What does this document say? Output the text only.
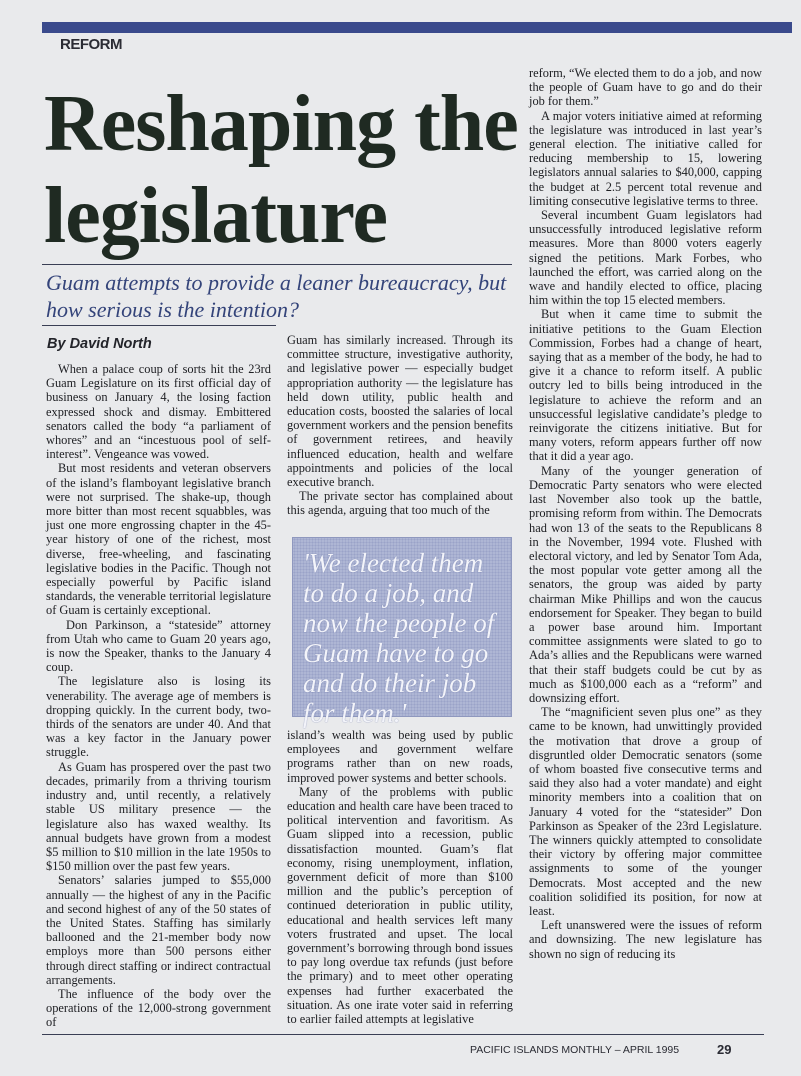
REFORM
Reshaping the legislature
Guam attempts to provide a leaner bureaucracy, but how serious is the intention?
By David North

When a palace coup of sorts hit the 23rd Guam Legislature on its first official day of business on January 4, the losing faction expressed shock and dismay. Embittered senators called the body “a parliament of whores” and an “incestuous pool of self-interest”. Vengeance was vowed.

But most residents and veteran observers of the island’s flamboyant legislative branch were not surprised. The shake-up, though more bitter than most recent squabbles, was just one more engrossing chapter in the 45-year history of one of the richest, most diverse, free-wheeling, and fascinating legislative bodies in the Pacific. Though not especially powerful by Pacific island standards, the venerable territorial legislature of Guam is certainly exceptional.

Don Parkinson, a “stateside” attorney from Utah who came to Guam 20 years ago, is now the Speaker, thanks to the January 4 coup.

The legislature also is losing its venerability. The average age of members is dropping quickly. In the current body, two-thirds of the senators are under 40. And that was a key factor in the January power struggle.

As Guam has prospered over the past two decades, primarily from a thriving tourism industry and, until recently, a relatively stable US military presence — the legislature also has waxed wealthy. Its annual budgets have grown from a modest $5 million to $10 million in the late 1950s to $150 million over the past few years.

Senators’ salaries jumped to $55,000 annually — the highest of any in the Pacific and second highest of any of the 50 states of the United States. Staffing has similarly ballooned and the 21-member body now employs more than 500 persons either through direct staffing or indirect contractual arrangements.

The influence of the body over the operations of the 12,000-strong government of

Guam has similarly increased. Through its committee structure, investigative authority, and legislative power — especially budget appropriation authority — the legislature has held down utility, public health and education costs, boosted the salaries of local government workers and the pension benefits of government retirees, and heavily influenced education, health and welfare appointments and policies of the local executive branch.

The private sector has complained about this agenda, arguing that too much of the

'We elected them to do a job, and now the people of Guam have to go and do their job for them.'

island’s wealth was being used by public employees and government welfare programs rather than on new roads, improved power systems and better schools.

Many of the problems with public education and health care have been traced to political intervention and favoritism. As Guam slipped into a recession, public dissatisfaction mounted. Guam’s flat economy, rising unemployment, inflation, government deficit of more than $100 million and the public’s perception of continued deterioration in public utility, educational and health services left many voters frustrated and upset. The local government’s borrowing through bond issues to pay long overdue tax refunds (just before the primary) and to meet other operating expenses had further exacerbated the situation. As one irate voter said in referring to earlier failed attempts at legislative

reform, “We elected them to do a job, and now the people of Guam have to go and do their job for them.”

A major voters initiative aimed at reforming the legislature was introduced in last year’s general election. The initiative called for reducing membership to 15, lowering legislators annual salaries to $40,000, capping the budget at 2.5 percent total revenue and limiting consecutive legislative terms to three.

Several incumbent Guam legislators had unsuccessfully introduced legislative reform measures. More than 8000 voters eagerly signed the petitions. Mark Forbes, who launched the effort, was carried along on the wave and handily elected to office, placing him within the top 15 elected members.

But when it came time to submit the initiative petitions to the Guam Election Commission, Forbes had a change of heart, saying that as a member of the body, he had to give it a chance to reform itself. A public outcry led to bills being introduced in the legislature to achieve the reform and an unsuccessful legislative candidate’s pledge to reinvigorate the citizens initiative. But for many voters, reform appears further off now that it did a year ago.

Many of the younger generation of Democratic Party senators who were elected last November also took up the battle, promising reform from within. The Democrats had won 13 of the seats to the Republicans 8 in the November, 1994 vote. Flushed with electoral victory, and led by Senator Tom Ada, the most popular vote getter among all the senators, the group was aided by party chairman Mike Phillips and won the caucus endorsement for Speaker. They began to build a power base around him. Important committee assignments were slated to go to Ada’s allies and the Republicans were warned that their staff budgets could be cut by as much as $100,000 each as a “reform” and downsizing effort.

The “magnificient seven plus one” as they came to be known, had unwittingly provided the motivation that drove a group of disgruntled older Democratic senators (some of whom boasted five consecutive terms and said they also had a voter mandate) and eight minority members into a coalition that on January 4 voted for the “statesider” Don Parkinson as Speaker of the 23rd Legislature. The winners quickly attempted to consolidate their victory by offering major committee assignments to some of the younger Democrats. Most accepted and the new coalition solidified its position, for now at least.

Left unanswered were the issues of reform and downsizing. The new legislature has shown no sign of reducing its

PACIFIC ISLANDS MONTHLY – APRIL 1995	29
